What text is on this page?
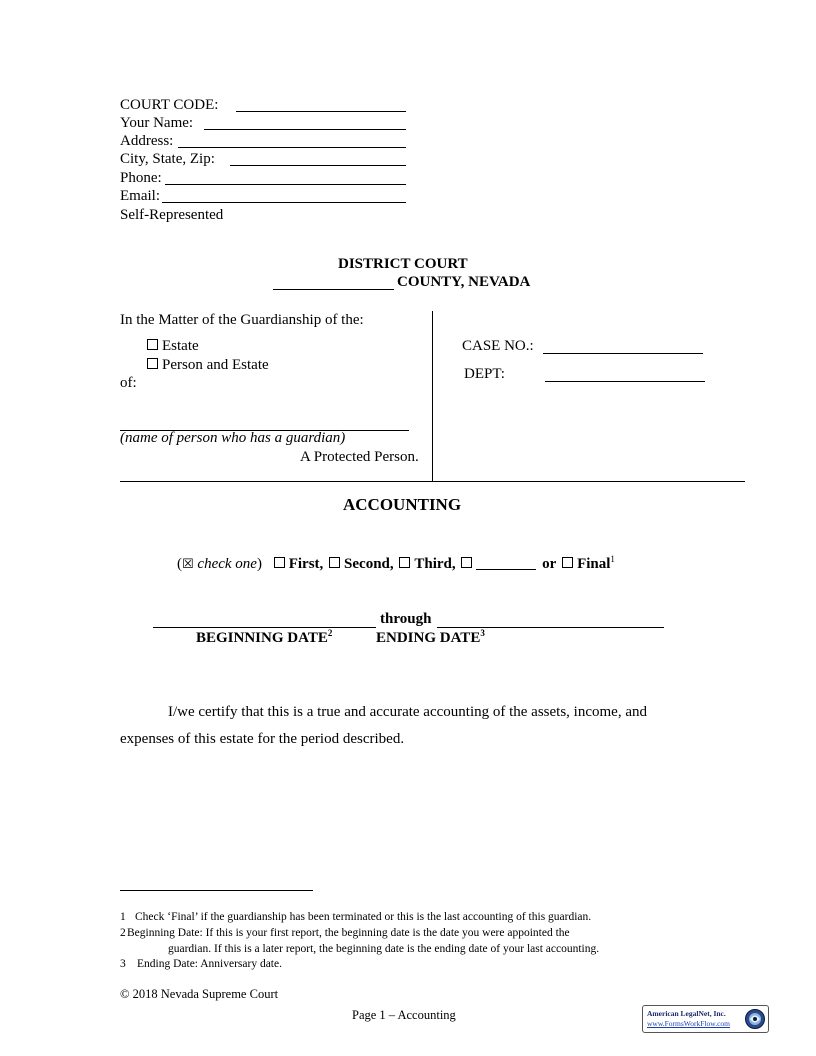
COURT CODE:
Your Name:
Address:
City, State, Zip:
Phone:
Email:
Self-Represented
DISTRICT COURT
COUNTY, NEVADA
In the Matter of the Guardianship of the:
Estate
Person and Estate
of:
(name of person who has a guardian)
A Protected Person.
CASE NO.:
DEPT:
ACCOUNTING
(☒ check one) First, Second, Third,	or Final$^1$
through
BEGINNING DATE$^2$	ENDING DATE$^3$
I/we certify that this is a true and accurate accounting of the assets, income, and
expenses of this estate for the period described.
1 Check ‘Final’ if the guardianship has been terminated or this is the last accounting of this guardian.
2Beginning Date: If this is your first report, the beginning date is the date you were appointed the
guardian. If this is a later report, the beginning date is the ending date of your last accounting.
3 Ending Date: Anniversary date.
© 2018 Nevada Supreme Court
Page 1 – Accounting	American LegalNet, Inc.
www.FormsWorkFlow.com
